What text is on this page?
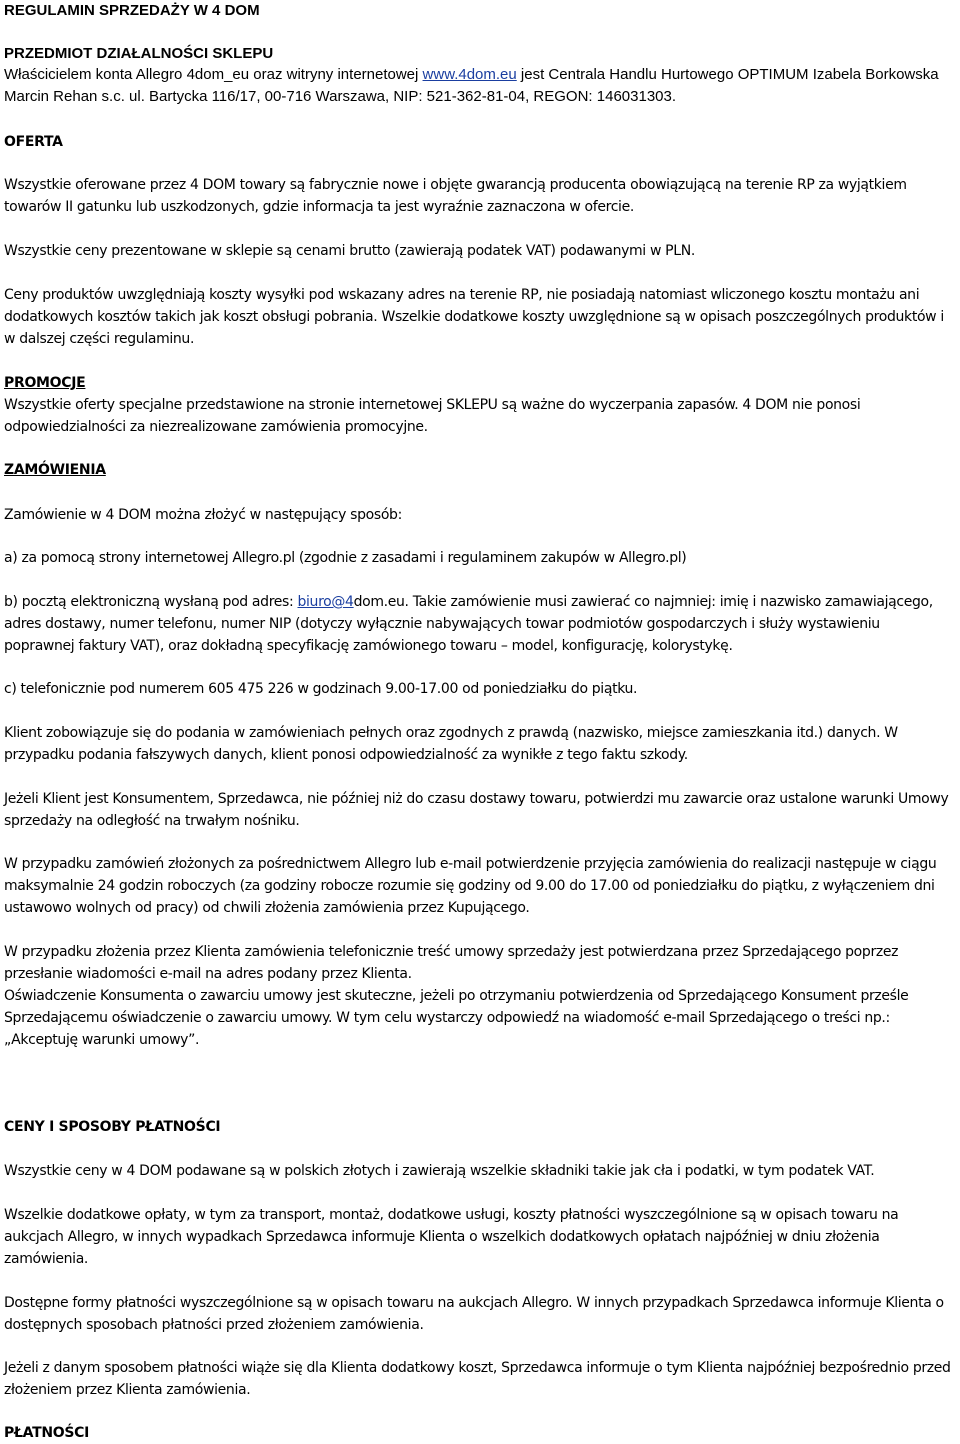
REGULAMIN SPRZEDAŻY W 4 DOM

PRZEDMIOT DZIAŁALNOŚCI SKLEPU

Właścicielem konta Allegro 4dom_eu oraz witryny internetowej www.4dom.eu jest Centrala Handlu Hurtowego OPTIMUM Izabela Borkowska Marcin Rehan s.c. ul. Bartycka 116/17, 00-716 Warszawa, NIP: 521-362-81-04, REGON: 146031303.

OFERTA

Wszystkie oferowane przez 4 DOM towary są fabrycznie nowe i objęte gwarancją producenta obowiązującą na terenie RP za wyjątkiem towarów II gatunku lub uszkodzonych, gdzie informacja ta jest wyraźnie zaznaczona w ofercie.

Wszystkie ceny prezentowane w sklepie są cenami brutto (zawierają podatek VAT) podawanymi w PLN.

Ceny produktów uwzględniają koszty wysyłki pod wskazany adres na terenie RP, nie posiadają natomiast wliczonego kosztu montażu ani dodatkowych kosztów takich jak koszt obsługi pobrania. Wszelkie dodatkowe koszty uwzględnione są w opisach poszczególnych produktów i w dalszej części regulaminu.

PROMOCJE

Wszystkie oferty specjalne przedstawione na stronie internetowej SKLEPU są ważne do wyczerpania zapasów. 4 DOM nie ponosi odpowiedzialności za niezrealizowane zamówienia promocyjne.

ZAMÓWIENIA

Zamówienie w 4 DOM można złożyć w następujący sposób:

a) za pomocą strony internetowej Allegro.pl (zgodnie z zasadami i regulaminem zakupów w Allegro.pl)

b) pocztą elektroniczną wysłaną pod adres: biuro@4dom.eu. Takie zamówienie musi zawierać co najmniej: imię i nazwisko zamawiającego, adres dostawy, numer telefonu, numer NIP (dotyczy wyłącznie nabywających towar podmiotów gospodarczych i służy wystawieniu poprawnej faktury VAT), oraz dokładną specyfikację zamówionego towaru – model, konfigurację, kolorystykę.

c) telefonicznie pod numerem 605 475 226 w godzinach 9.00-17.00 od poniedziałku do piątku.

Klient zobowiązuje się do podania w zamówieniach pełnych oraz zgodnych z prawdą (nazwisko, miejsce zamieszkania itd.) danych. W przypadku podania fałszywych danych, klient ponosi odpowiedzialność za wynikłe z tego faktu szkody.

Jeżeli Klient jest Konsumentem, Sprzedawca, nie później niż do czasu dostawy towaru, potwierdzi mu zawarcie oraz ustalone warunki Umowy sprzedaży na odległość na trwałym nośniku.

W przypadku zamówień złożonych za pośrednictwem Allegro lub e-mail potwierdzenie przyjęcia zamówienia do realizacji następuje w ciągu maksymalnie 24 godzin roboczych (za godziny robocze rozumie się godziny od 9.00 do 17.00 od poniedziałku do piątku, z wyłączeniem dni ustawowo wolnych od pracy) od chwili złożenia zamówienia przez Kupującego.

W przypadku złożenia przez Klienta zamówienia telefonicznie treść umowy sprzedaży jest potwierdzana przez Sprzedającego poprzez przesłanie wiadomości e-mail na adres podany przez Klienta.

Oświadczenie Konsumenta o zawarciu umowy jest skuteczne, jeżeli po otrzymaniu potwierdzenia od Sprzedającego Konsument prześle Sprzedającemu oświadczenie o zawarciu umowy. W tym celu wystarczy odpowiedź na wiadomość e-mail Sprzedającego o treści np.: „Akceptuję warunki umowy”.

CENY I SPOSOBY PŁATNOŚCI

Wszystkie ceny w 4 DOM podawane są w polskich złotych i zawierają wszelkie składniki takie jak cła i podatki, w tym podatek VAT.

Wszelkie dodatkowe opłaty, w tym za transport, montaż, dodatkowe usługi, koszty płatności wyszczególnione są w opisach towaru na aukcjach Allegro, w innych wypadkach Sprzedawca informuje Klienta o wszelkich dodatkowych opłatach najpóźniej w dniu złożenia zamówienia.

Dostępne formy płatności wyszczególnione są w opisach towaru na aukcjach Allegro. W innych przypadkach Sprzedawca informuje Klienta o dostępnych sposobach płatności przed złożeniem zamówienia.

Jeżeli z danym sposobem płatności wiąże się dla Klienta dodatkowy koszt, Sprzedawca informuje o tym Klienta najpóźniej bezpośrednio przed złożeniem przez Klienta zamówienia.

PŁATNOŚCI
